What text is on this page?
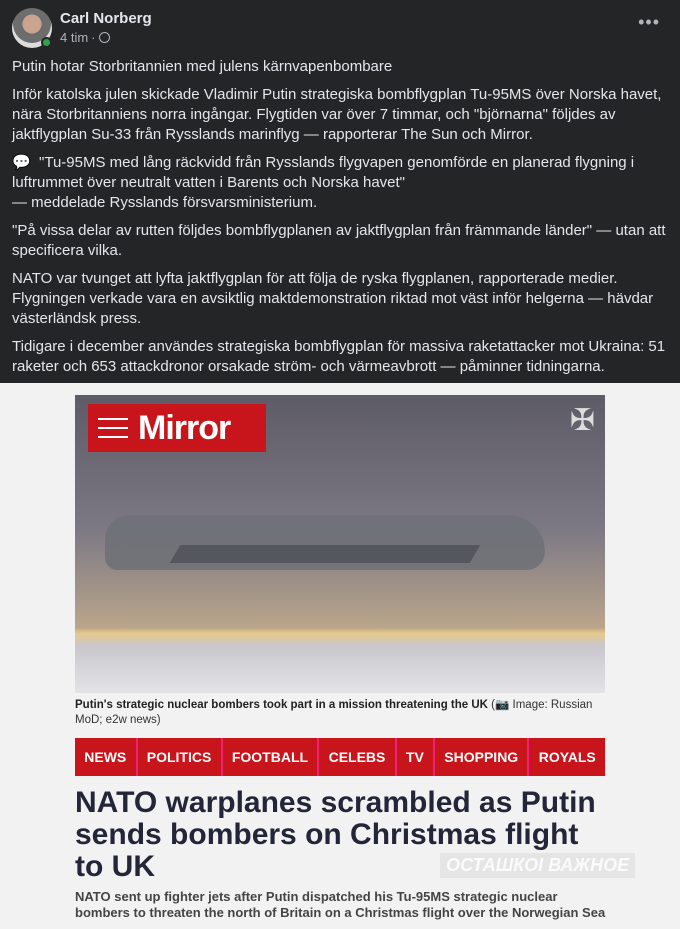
Carl Norberg
4 tim ·
•••

Putin hotar Storbritannien med julens kärnvapenbombare

Inför katolska julen skickade Vladimir Putin strategiska bombflygplan Tu-95MS över Norska havet, nära Storbritanniens norra ingångar. Flygtiden var över 7 timmar, och "björnarna" följdes av jaktflygplan Su-33 från Rysslands marinflyg — rapporterar The Sun och Mirror.

💬 "Tu-95MS med lång räckvidd från Rysslands flygvapen genomförde en planerad flygning i luftrummet över neutralt vatten i Barents och Norska havet"
— meddelade Rysslands försvarsministerium.

"På vissa delar av rutten följdes bombflygplanen av jaktflygplan från främmande länder" — utan att specificera vilka.

NATO var tvunget att lyfta jaktflygplan för att följa de ryska flygplanen, rapporterade medier. Flygningen verkade vara en avsiktlig maktdemonstration riktad mot väst inför helgerna — hävdar västerländsk press.

Tidigare i december användes strategiska bombflygplan för massiva raketattacker mot Ukraina: 51 raketer och 653 attackdronor orsakade ström- och värmeavbrott — påminner tidningarna.

Mirror	✠
Putin's strategic nuclear bombers took part in a mission threatening the UK (📷 Image: Russian MoD; e2w news)
NEWS	POLITICS	FOOTBALL	CELEBS	TV	SHOPPING	ROYALS
NATO warplanes scrambled as Putin sends bombers on Christmas flight to UK	ОСТАШКОІ ВАЖНОЕ
NATO sent up fighter jets after Putin dispatched his Tu-95MS strategic nuclear bombers to threaten the north of Britain on a Christmas flight over the Norwegian Sea
